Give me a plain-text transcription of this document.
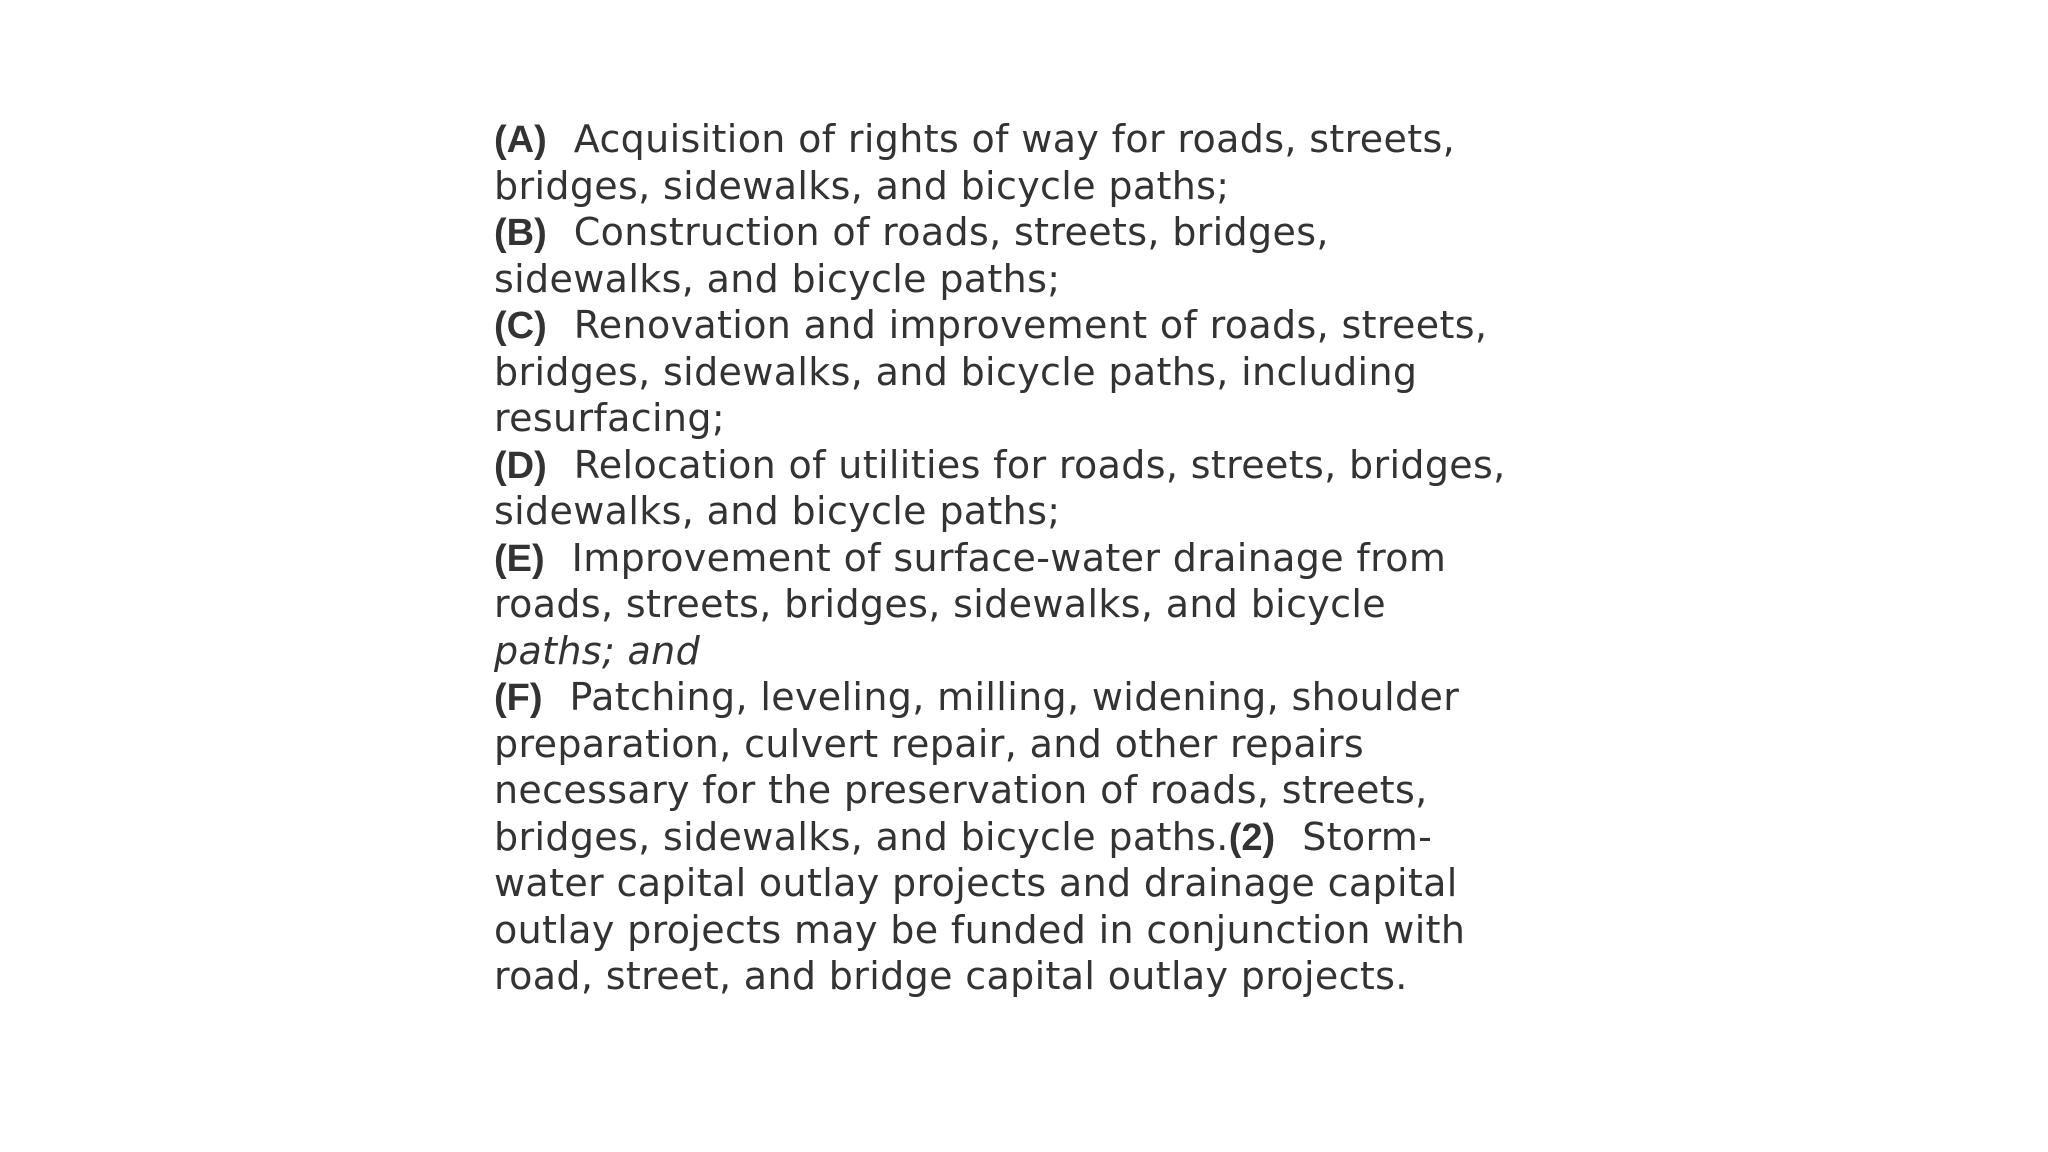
(A) Acquisition of rights of way for roads, streets,
bridges, sidewalks, and bicycle paths;
(B) Construction of roads, streets, bridges,
sidewalks, and bicycle paths;
(C) Renovation and improvement of roads, streets,
bridges, sidewalks, and bicycle paths, including
resurfacing;
(D) Relocation of utilities for roads, streets, bridges,
sidewalks, and bicycle paths;
(E) Improvement of surface-water drainage from
roads, streets, bridges, sidewalks, and bicycle
paths; and
(F) Patching, leveling, milling, widening, shoulder
preparation, culvert repair, and other repairs
necessary for the preservation of roads, streets,
bridges, sidewalks, and bicycle paths.(2) Storm-
water capital outlay projects and drainage capital
outlay projects may be funded in conjunction with
road, street, and bridge capital outlay projects.
